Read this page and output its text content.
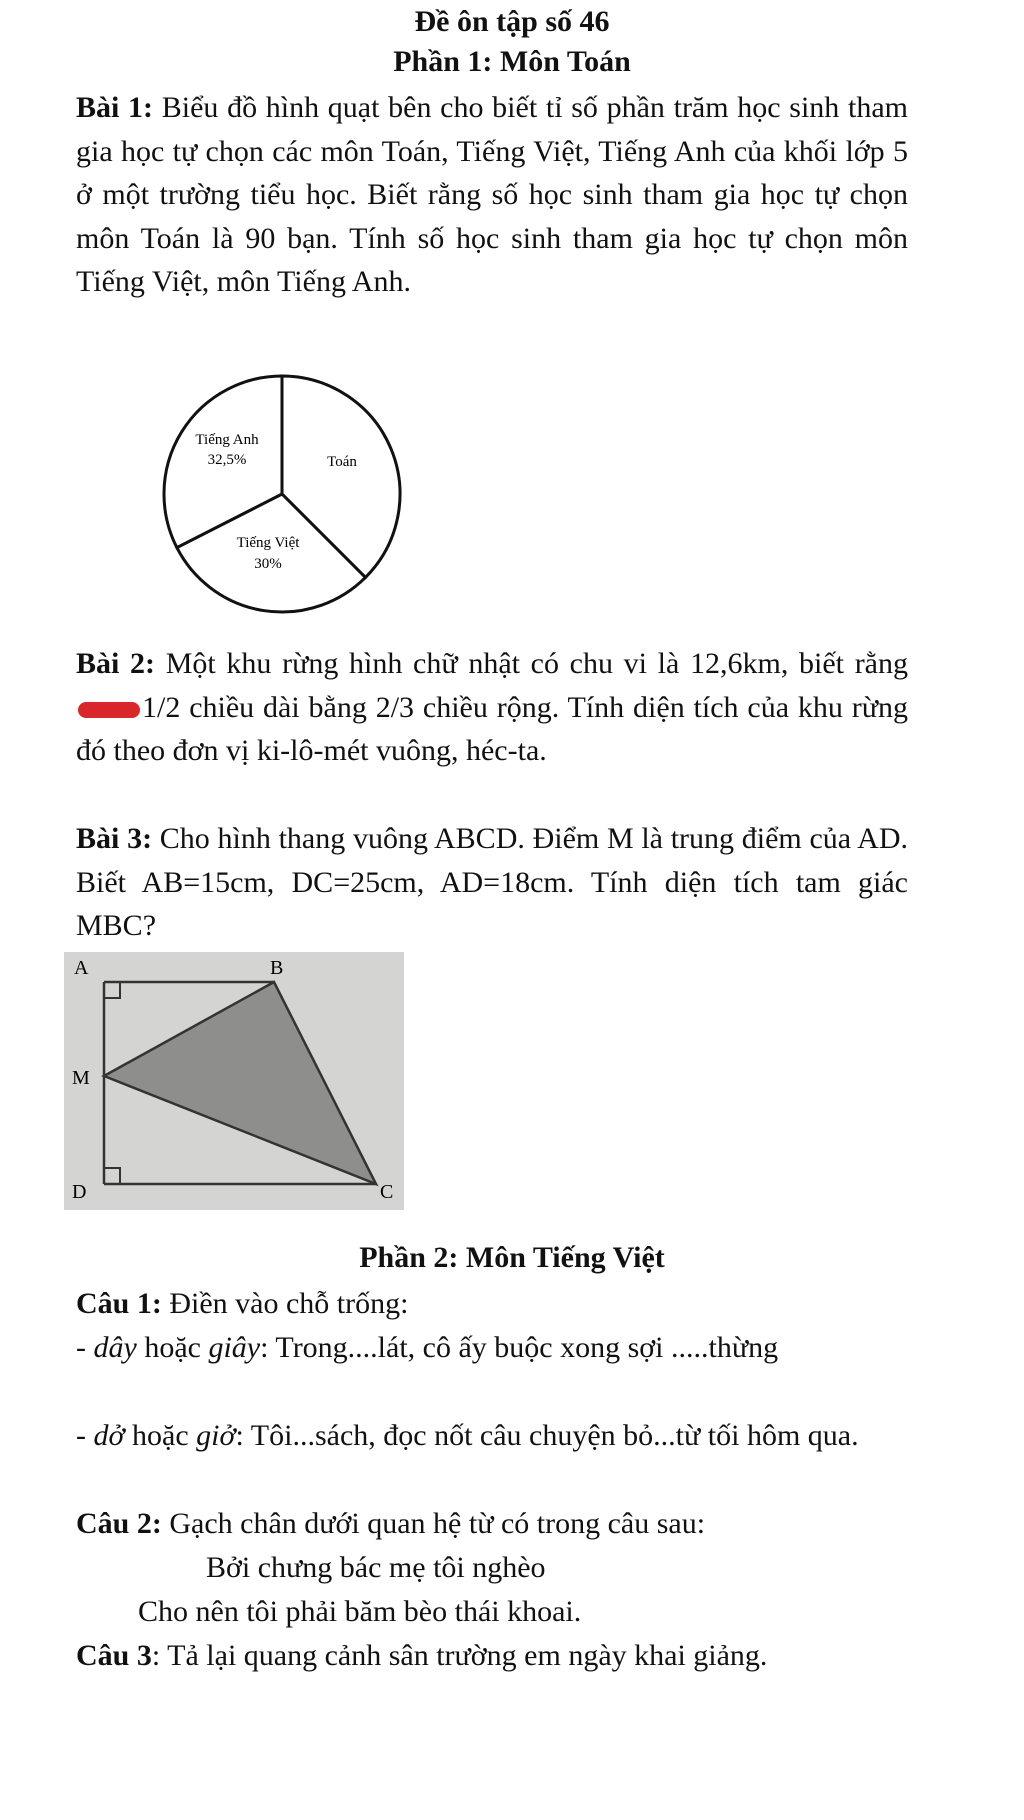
Đề ôn tập số 46
Phần 1: Môn Toán

Bài 1: Biểu đồ hình quạt bên cho biết tỉ số phần trăm học sinh tham gia học tự chọn các môn Toán, Tiếng Việt, Tiếng Anh của khối lớp 5 ở một trường tiểu học. Biết rằng số học sinh tham gia học tự chọn môn Toán là 90 bạn. Tính số học sinh tham gia học tự chọn môn Tiếng Việt, môn Tiếng Anh.

Toán
Tiếng Việt
30%
Tiếng Anh
32,5%

Bài 2: Một khu rừng hình chữ nhật có chu vi là 12,6km, biết rằng 1/2 chiều dài bằng 2/3 chiều rộng. Tính diện tích của khu rừng đó theo đơn vị ki-lô-mét vuông, héc-ta.

Bài 3: Cho hình thang vuông ABCD. Điểm M là trung điểm của AD. Biết AB=15cm, DC=25cm, AD=18cm. Tính diện tích tam giác MBC?

A	B
M
D	C
Phần 2: Môn Tiếng Việt

Câu 1: Điền vào chỗ trống:

- dây hoặc giây: Trong....lát, cô ấy buộc xong sợi .....thừng

- dở hoặc giở: Tôi...sách, đọc nốt câu chuyện bỏ...từ tối hôm qua.

Câu 2: Gạch chân dưới quan hệ từ có trong câu sau:

Bởi chưng bác mẹ tôi nghèo
Cho nên tôi phải băm bèo thái khoai.

Câu 3: Tả lại quang cảnh sân trường em ngày khai giảng.
